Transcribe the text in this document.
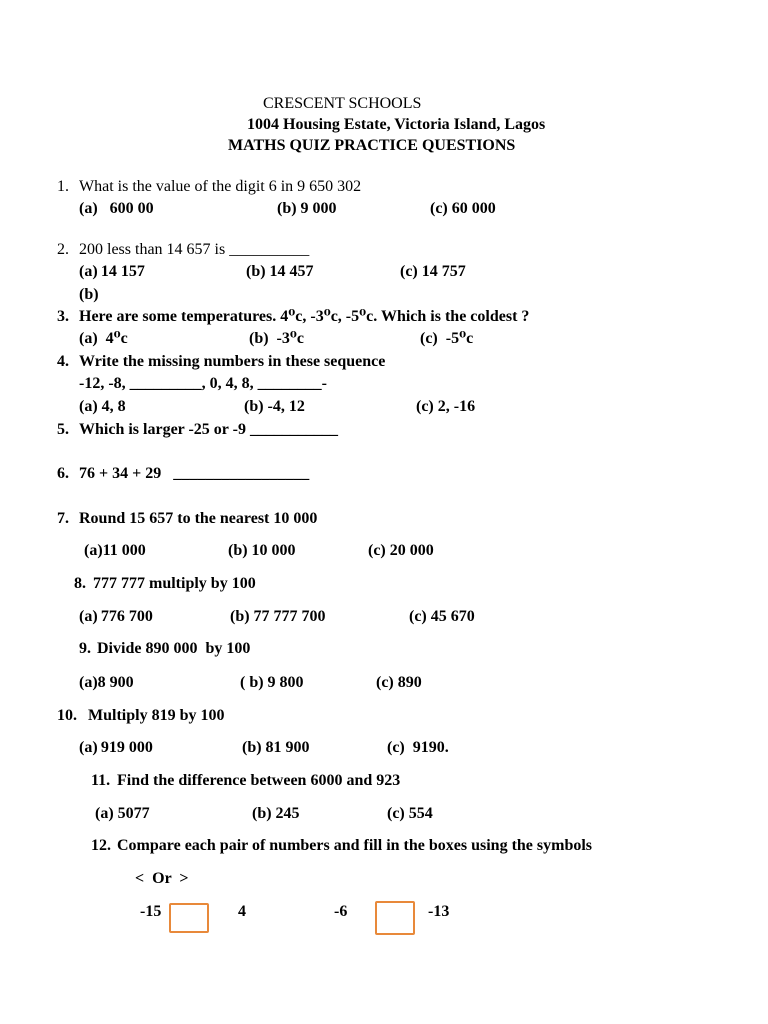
CRESCENT SCHOOLS
1004 Housing Estate, Victoria Island, Lagos
MATHS QUIZ PRACTICE QUESTIONS
1. What is the value of the digit 6 in 9 650 302
(a)   600 00	(b) 9 000	(c) 60 000
2. 200 less than 14 657 is __________
(a) 14 157	(b) 14 457	(c) 14 757
(b)
3. Here are some temperatures. 4⁰c, -3⁰c, -5⁰c. Which is the coldest ?
(a)  4⁰c	(b)  -3⁰c	(c)  -5⁰c
4. Write the missing numbers in these sequence
-12, -8, _________, 0, 4, 8, ________-
(a) 4, 8	(b) -4, 12	(c) 2, -16
5. Which is larger -25 or -9 ___________
6. 76 + 34 + 29   _________________
7. Round 15 657 to the nearest 10 000
(a)11 000	(b) 10 000	(c) 20 000
8. 777 777 multiply by 100
(a) 776 700	(b) 77 777 700	(c) 45 670
9. Divide 890 000  by 100
(a)8 900	( b) 9 800	(c) 890
10. Multiply 819 by 100
(a) 919 000	(b) 81 900	(c)  9190.
11. Find the difference between 6000 and 923
(a) 5077	(b) 245	(c) 554
12. Compare each pair of numbers and fill in the boxes using the symbols
<  Or  >
-15	4	-6	-13
